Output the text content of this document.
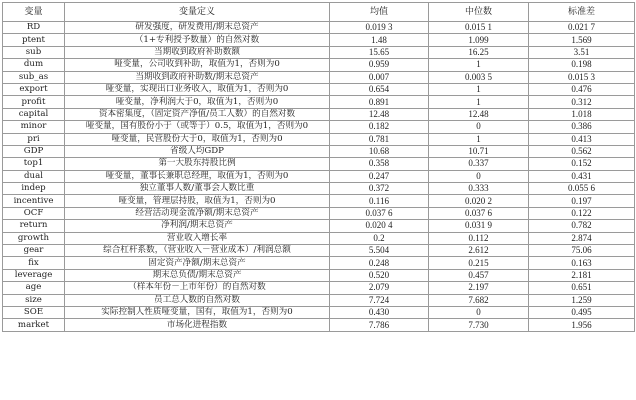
变量	变量定义	均值	中位数	标准差
RD	研发强度，研发费用/期末总资产	0.019 3	0.015 1	0.021 7
ptent	（1+专利授予数量）的自然对数	1.48	1.099	1.569
sub	当期收到政府补助数额	15.65	16.25	3.51
dum	哑变量，公司收到补助，取值为1，否则为0	0.959	1	0.198
sub_as	当期收到政府补助数/期末总资产	0.007	0.003 5	0.015 3
export	哑变量，实现出口业务收入，取值为1，否则为0	0.654	1	0.476
profit	哑变量，净利润大于0，取值为1，否则为0	0.891	1	0.312
capital	资本密集度，（固定资产净值/员工人数）的自然对数	12.48	12.48	1.018
minor	哑变量，国有股份小于（或等于）0.5，取值为1，否则为0	0.182	0	0.386
pri	哑变量，民营股份大于0，取值为1，否则为0	0.781	1	0.413
GDP	省级人均GDP	10.68	10.71	0.562
top1	第一大股东持股比例	0.358	0.337	0.152
dual	哑变量，董事长兼职总经理，取值为1，否则为0	0.247	0	0.431
indep	独立董事人数/董事会人数比重	0.372	0.333	0.055 6
incentive	哑变量，管理层持股，取值为1，否则为0	0.116	0.020 2	0.197
OCF	经营活动现金流净额/期末总资产	0.037 6	0.037 6	0.122
return	净利润/期末总资产	0.020 4	0.031 9	0.782
growth	营业收入增长率	0.2	0.112	2.874
gear	综合杠杆系数，（营业收入－营业成本）/利润总额	5.504	2.612	75.06
fix	固定资产净额/期末总资产	0.248	0.215	0.163
leverage	期末总负债/期末总资产	0.520	0.457	2.181
age	（样本年份－上市年份）的自然对数	2.079	2.197	0.651
size	员工总人数的自然对数	7.724	7.682	1.259
SOE	实际控制人性质哑变量，国有，取值为1，否则为0	0.430	0	0.495
market	市场化进程指数	7.786	7.730	1.956
